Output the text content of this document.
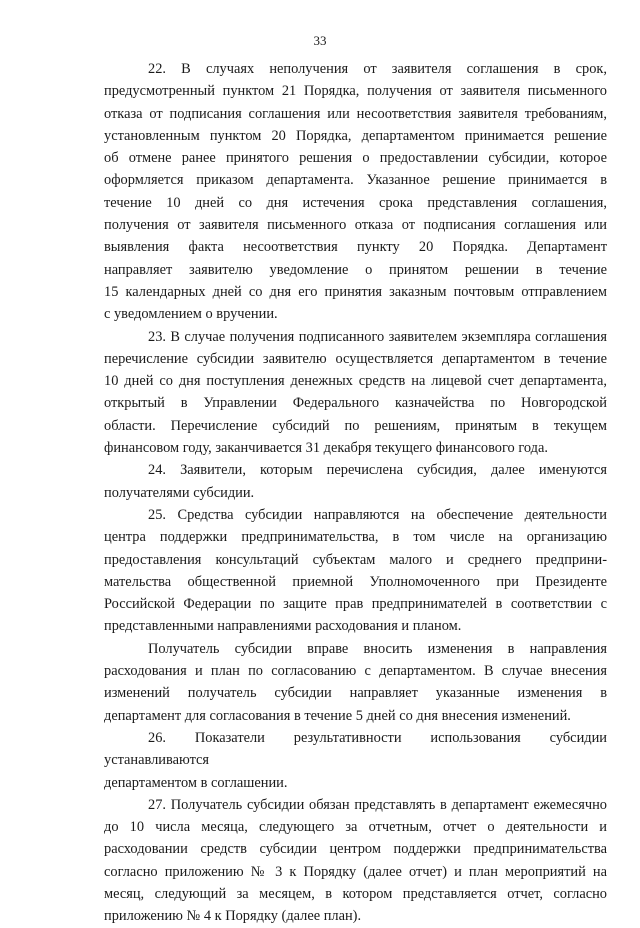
33
22. В случаях неполучения от заявителя соглашения в срок,
предусмотренный пунктом 21 Порядка, получения от заявителя письменного
отказа от подписания соглашения или несоответствия заявителя требованиям,
установленным пунктом 20 Порядка, департаментом принимается решение
об отмене ранее принятого решения о предоставлении субсидии, которое
оформляется приказом департамента. Указанное решение принимается в
течение 10 дней со дня истечения срока представления соглашения,
получения от заявителя письменного отказа от подписания соглашения или
выявления факта несоответствия пункту 20 Порядка. Департамент
направляет заявителю уведомление о принятом решении в течение
15 календарных дней со дня его принятия заказным почтовым отправлением
с уведомлением о вручении.
23. В случае получения подписанного заявителем экземпляра соглашения
перечисление субсидии заявителю осуществляется департаментом в течение
10 дней со дня поступления денежных средств на лицевой счет департамента,
открытый в Управлении Федерального казначейства по Новгородской
области. Перечисление субсидий по решениям, принятым в текущем
финансовом году, заканчивается 31 декабря текущего финансового года.
24. Заявители, которым перечислена субсидия, далее именуются
получателями субсидии.
25. Средства субсидии направляются на обеспечение деятельности
центра поддержки предпринимательства, в том числе на организацию
предоставления консультаций субъектам малого и среднего предприни-
мательства общественной приемной Уполномоченного при Президенте
Российской Федерации по защите прав предпринимателей в соответствии с
представленными направлениями расходования и планом.
Получатель субсидии вправе вносить изменения в направления
расходования и план по согласованию с департаментом. В случае внесения
изменений получатель субсидии направляет указанные изменения в
департамент для согласования в течение 5 дней со дня внесения изменений.
26. Показатели результативности использования субсидии устанавливаются
департаментом в соглашении.
27. Получатель субсидии обязан представлять в департамент ежемесячно
до 10 числа месяца, следующего за отчетным, отчет о деятельности и
расходовании средств субсидии центром поддержки предпринимательства
согласно приложению № 3 к Порядку (далее отчет) и план мероприятий на
месяц, следующий за месяцем, в котором представляется отчет, согласно
приложению № 4 к Порядку (далее план).
